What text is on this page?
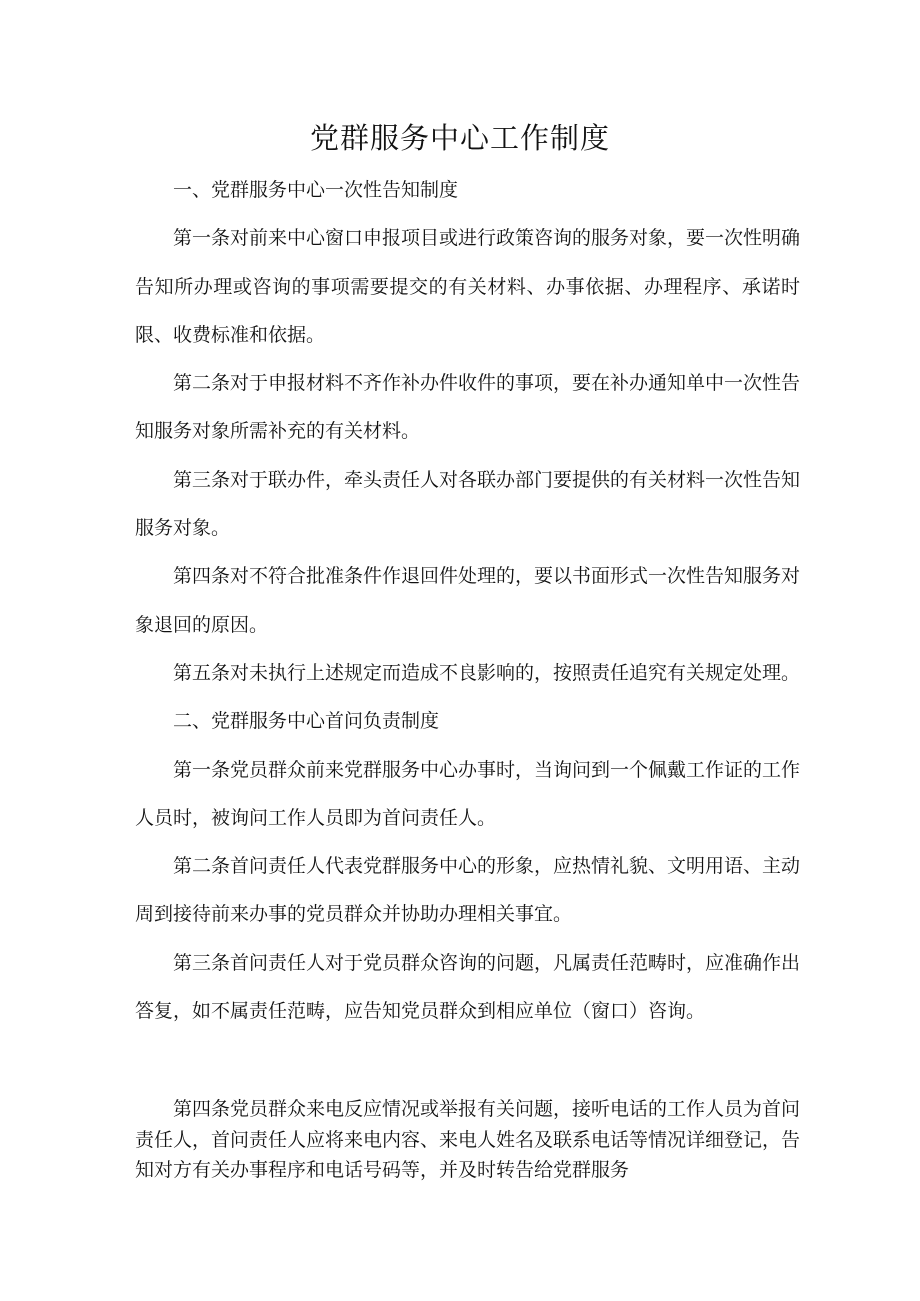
党群服务中心工作制度

一、党群服务中心一次性告知制度

第一条对前来中心窗口申报项目或进行政策咨询的服务对象，要一次性明确告知所办理或咨询的事项需要提交的有关材料、办事依据、办理程序、承诺时限、收费标准和依据。

第二条对于申报材料不齐作补办件收件的事项，要在补办通知单中一次性告知服务对象所需补充的有关材料。

第三条对于联办件，牵头责任人对各联办部门要提供的有关材料一次性告知服务对象。

第四条对不符合批准条件作退回件处理的，要以书面形式一次性告知服务对象退回的原因。

第五条对未执行上述规定而造成不良影响的，按照责任追究有关规定处理。

二、党群服务中心首问负责制度

第一条党员群众前来党群服务中心办事时，当询问到一个佩戴工作证的工作人员时，被询问工作人员即为首问责任人。

第二条首问责任人代表党群服务中心的形象，应热情礼貌、文明用语、主动周到接待前来办事的党员群众并协助办理相关事宜。

第三条首问责任人对于党员群众咨询的问题，凡属责任范畴时，应准确作出答复，如不属责任范畴，应告知党员群众到相应单位（窗口）咨询。

第四条党员群众来电反应情况或举报有关问题，接听电话的工作人员为首问责任人，首问责任人应将来电内容、来电人姓名及联系电话等情况详细登记，告知对方有关办事程序和电话号码等，并及时转告给党群服务
